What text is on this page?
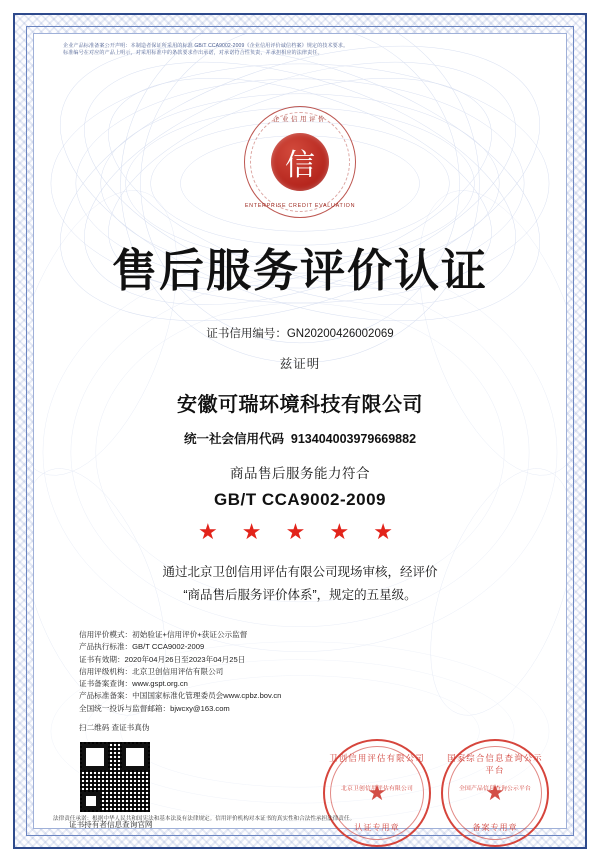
企业产品标准备案公开声明：本制造者保证所采用的标准 GB/T CCA9002-2009《企业信用评价诚信档案》规定的技术要求。
标准编号在对应的产品上明示，对采用标准中的条款要求作出承诺，对承诺符合性负责，并承担相应的法律责任。
企业信用评价
信
ENTERPRISE CREDIT EVALUATION
售后服务评价认证
证书信用编号：GN20200426002069
兹证明
安徽可瑞环境科技有限公司
统一社会信用代码 913404003979669882
商品售后服务能力符合
GB/T CCA9002-2009
★ ★ ★ ★ ★
通过北京卫创信用评估有限公司现场审核，经评价
“商品售后服务评价体系”，规定的五星级。
信用评价模式：初始验证+信用评价+获证公示监督
产品执行标准：GB/T CCA9002-2009
证书有效期：2020年04月26日至2023年04月25日
信用评级机构：北京卫创信用评估有限公司
证书备案查询：www.gspt.org.cn
产品标准备案：中国国家标准化管理委员会www.cpbz.bov.cn
全国统一投诉与监督邮箱：bjwcxy@163.com
扫二维码 查证书真伪
证书持有者信息查询官网
卫创信用评估有限公司
★
北京卫创信用评估有限公司
认证专用章
国家综合信息查询公示平台
★
全国产品信息查询公示平台
备案专用章
法律责任承诺：根据中华人民共和国宪法和基本法及有法律规定。信用评价机构对本证书的真实性和合法性承担法律责任。
